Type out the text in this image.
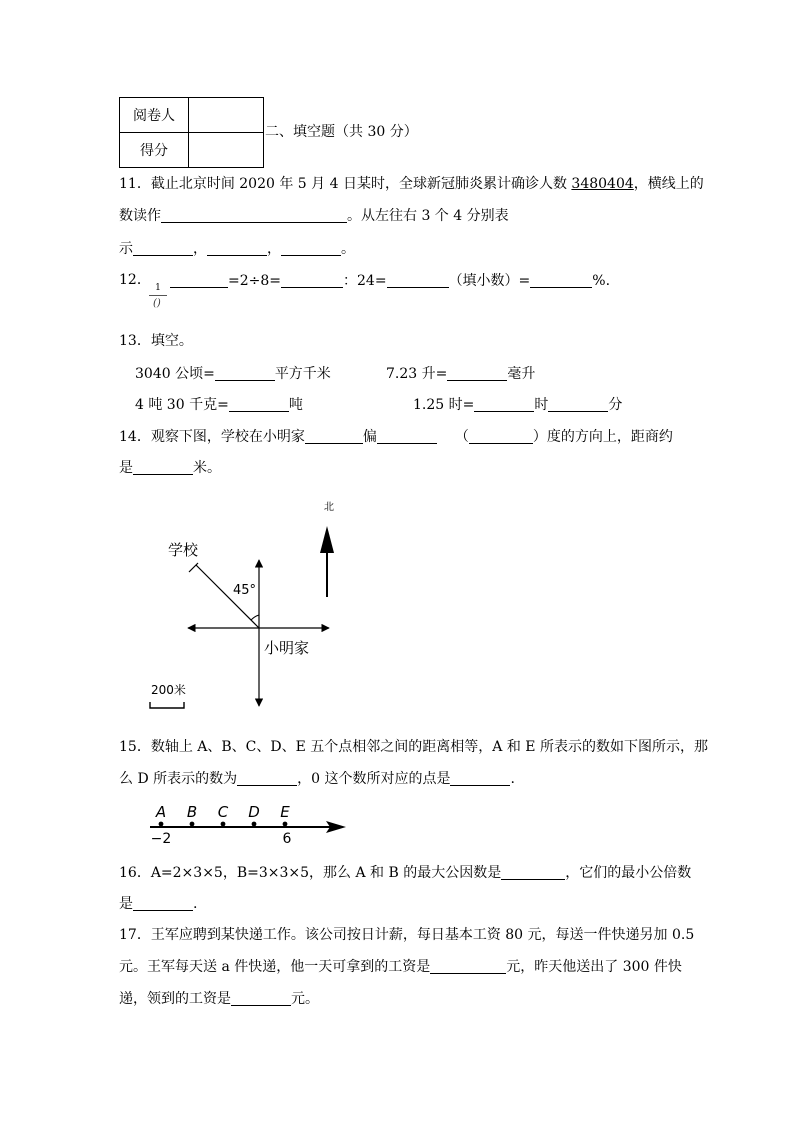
阅卷人	
得分	
二、填空题（共 30 分）
11．截止北京时间 2020 年 5 月 4 日某时，全球新冠肺炎累计确诊人数 3480404，横线上的
数读作	。从左往右 3 个 4 分别表
示	，	，	。
12． 1
()
=2÷8=	：24=	（填小数）=	%.
13．填空。
3040 公顷=	平方千米	7.23 升=	毫升
4 吨 30 千克=	吨	1.25 时=	时	分
14．观察下图，学校在小明家	偏	（	）度的方向上，距商约
是	米。
北
学校
45°
小明家
200米
A B C D E
−2	6
15．数轴上 A、B、C、D、E 五个点相邻之间的距离相等，A 和 E 所表示的数如下图所示，那
么 D 所表示的数为	，0 这个数所对应的点是	.
16．A=2×3×5，B=3×3×5，那么 A 和 B 的最大公因数是	，它们的最小公倍数
是	.
17．王军应聘到某快递工作。该公司按日计薪，每日基本工资 80 元，每送一件快递另加 0.5
元。王军每天送 a 件快递，他一天可拿到的工资是	元，昨天他送出了 300 件快
递，领到的工资是	元。
